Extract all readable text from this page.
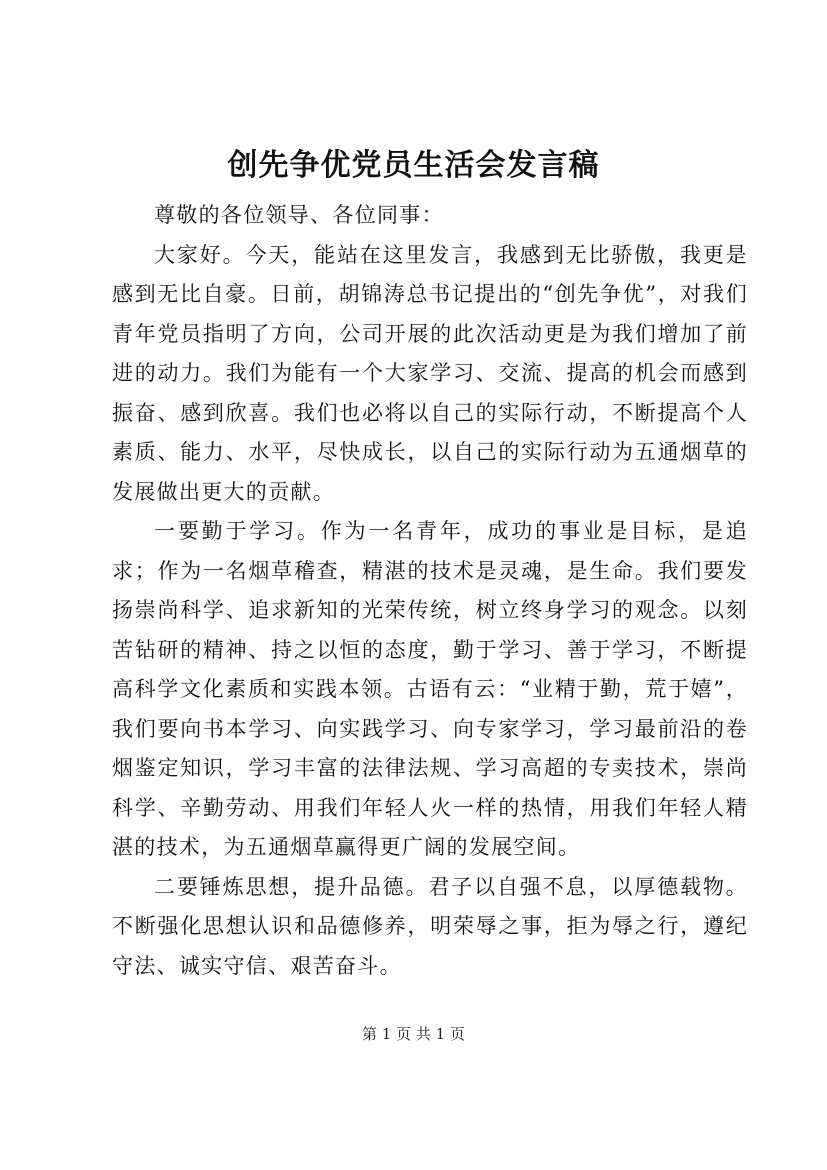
创先争优党员生活会发言稿

尊敬的各位领导、各位同事：

大家好。今天，能站在这里发言，我感到无比骄傲，我更是感到无比自豪。日前，胡锦涛总书记提出的“创先争优”，对我们青年党员指明了方向，公司开展的此次活动更是为我们增加了前进的动力。我们为能有一个大家学习、交流、提高的机会而感到振奋、感到欣喜。我们也必将以自己的实际行动，不断提高个人素质、能力、水平，尽快成长，以自己的实际行动为五通烟草的发展做出更大的贡献。

一要勤于学习。作为一名青年，成功的事业是目标，是追求；作为一名烟草稽查，精湛的技术是灵魂，是生命。我们要发扬崇尚科学、追求新知的光荣传统，树立终身学习的观念。以刻苦钻研的精神、持之以恒的态度，勤于学习、善于学习，不断提高科学文化素质和实践本领。古语有云：“业精于勤，荒于嬉”，我们要向书本学习、向实践学习、向专家学习，学习最前沿的卷烟鉴定知识，学习丰富的法律法规、学习高超的专卖技术，崇尚科学、辛勤劳动、用我们年轻人火一样的热情，用我们年轻人精湛的技术，为五通烟草赢得更广阔的发展空间。

二要锤炼思想，提升品德。君子以自强不息，以厚德载物。不断强化思想认识和品德修养，明荣辱之事，拒为辱之行，遵纪守法、诚实守信、艰苦奋斗。

第 1 页 共 1 页
